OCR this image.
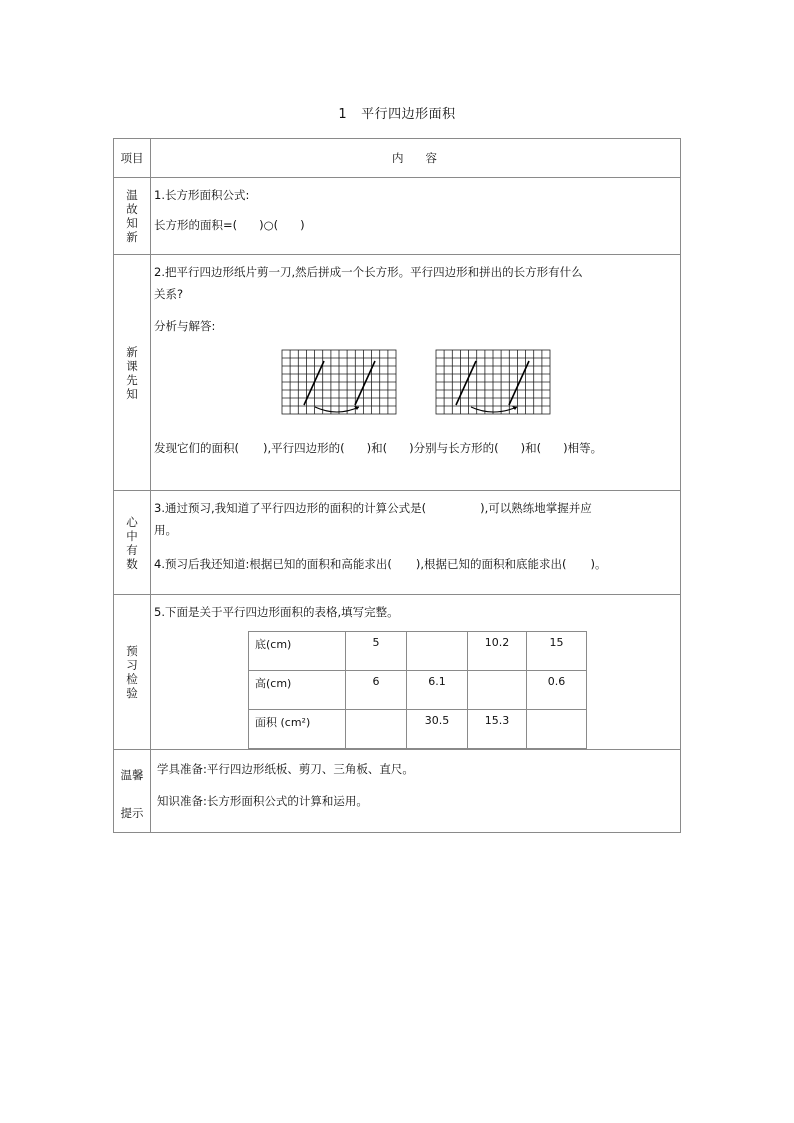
1 平行四边形面积
项目	内 容

温
故
知
新

1.长方形面积公式:
长方形的面积=( )○( )

新
课
先
知

2.把平行四边形纸片剪一刀,然后拼成一个长方形。平行四边形和拼出的长方形有什么
关系?
分析与解答:
发现它们的面积( ),平行四边形的( )和( )分别与长方形的( )和( )相等。

心
中
有
数

3.通过预习,我知道了平行四边形的面积的计算公式是(	),可以熟练地掌握并应
用。
4.预习后我还知道:根据已知的面积和高能求出( ),根据已知的面积和底能求出( )。

预
习
检
验

5.下面是关于平行四边形面积的表格,填写完整。
底(cm)	5		10.2	15
高(cm)	6	6.1		0.6
面积 (cm²)		30.5	15.3	

温馨
提示

学具准备:平行四边形纸板、剪刀、三角板、直尺。
知识准备:长方形面积公式的计算和运用。
